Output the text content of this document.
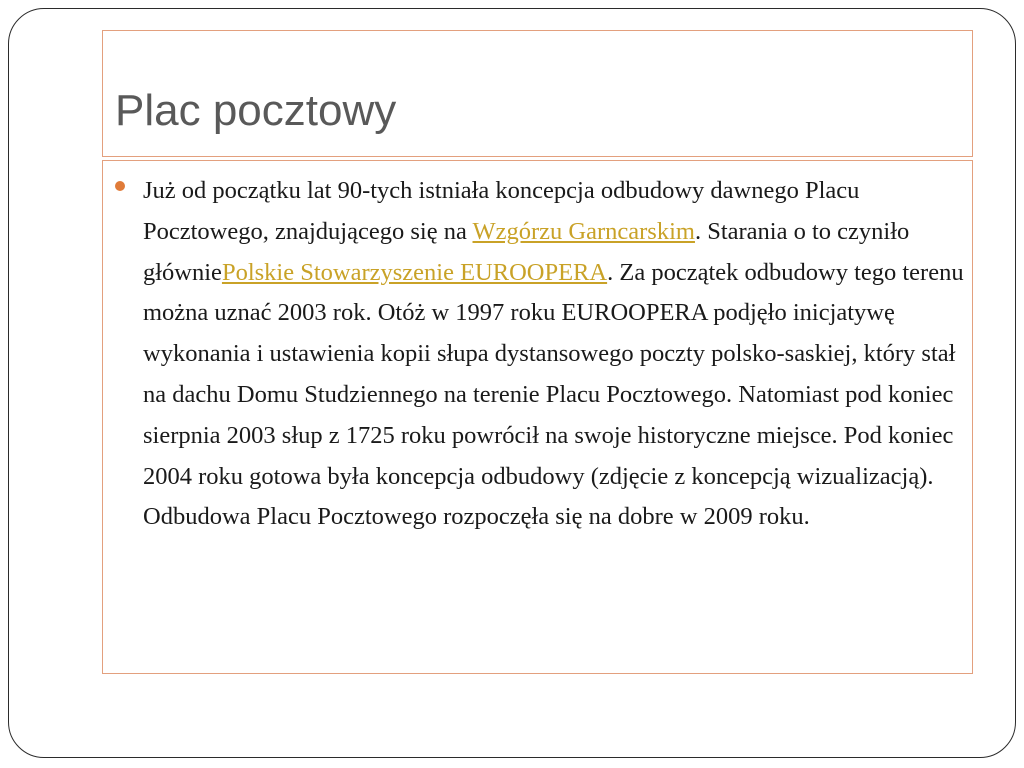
Plac pocztowy

Już od początku lat 90-tych istniała koncepcja odbudowy dawnego Placu Pocztowego, znajdującego się na Wzgórzu Garncarskim. Starania o to czyniło główniePolskie Stowarzyszenie EUROOPERA. Za początek odbudowy tego terenu można uznać 2003 rok. Otóż w 1997 roku EUROOPERA podjęło inicjatywę wykonania i ustawienia kopii słupa dystansowego poczty polsko-saskiej, który stał na dachu Domu Studziennego na terenie Placu Pocztowego. Natomiast pod koniec sierpnia 2003 słup z 1725 roku powrócił na swoje historyczne miejsce. Pod koniec 2004 roku gotowa była koncepcja odbudowy (zdjęcie z koncepcją wizualizacją). Odbudowa Placu Pocztowego rozpoczęła się na dobre w 2009 roku.
